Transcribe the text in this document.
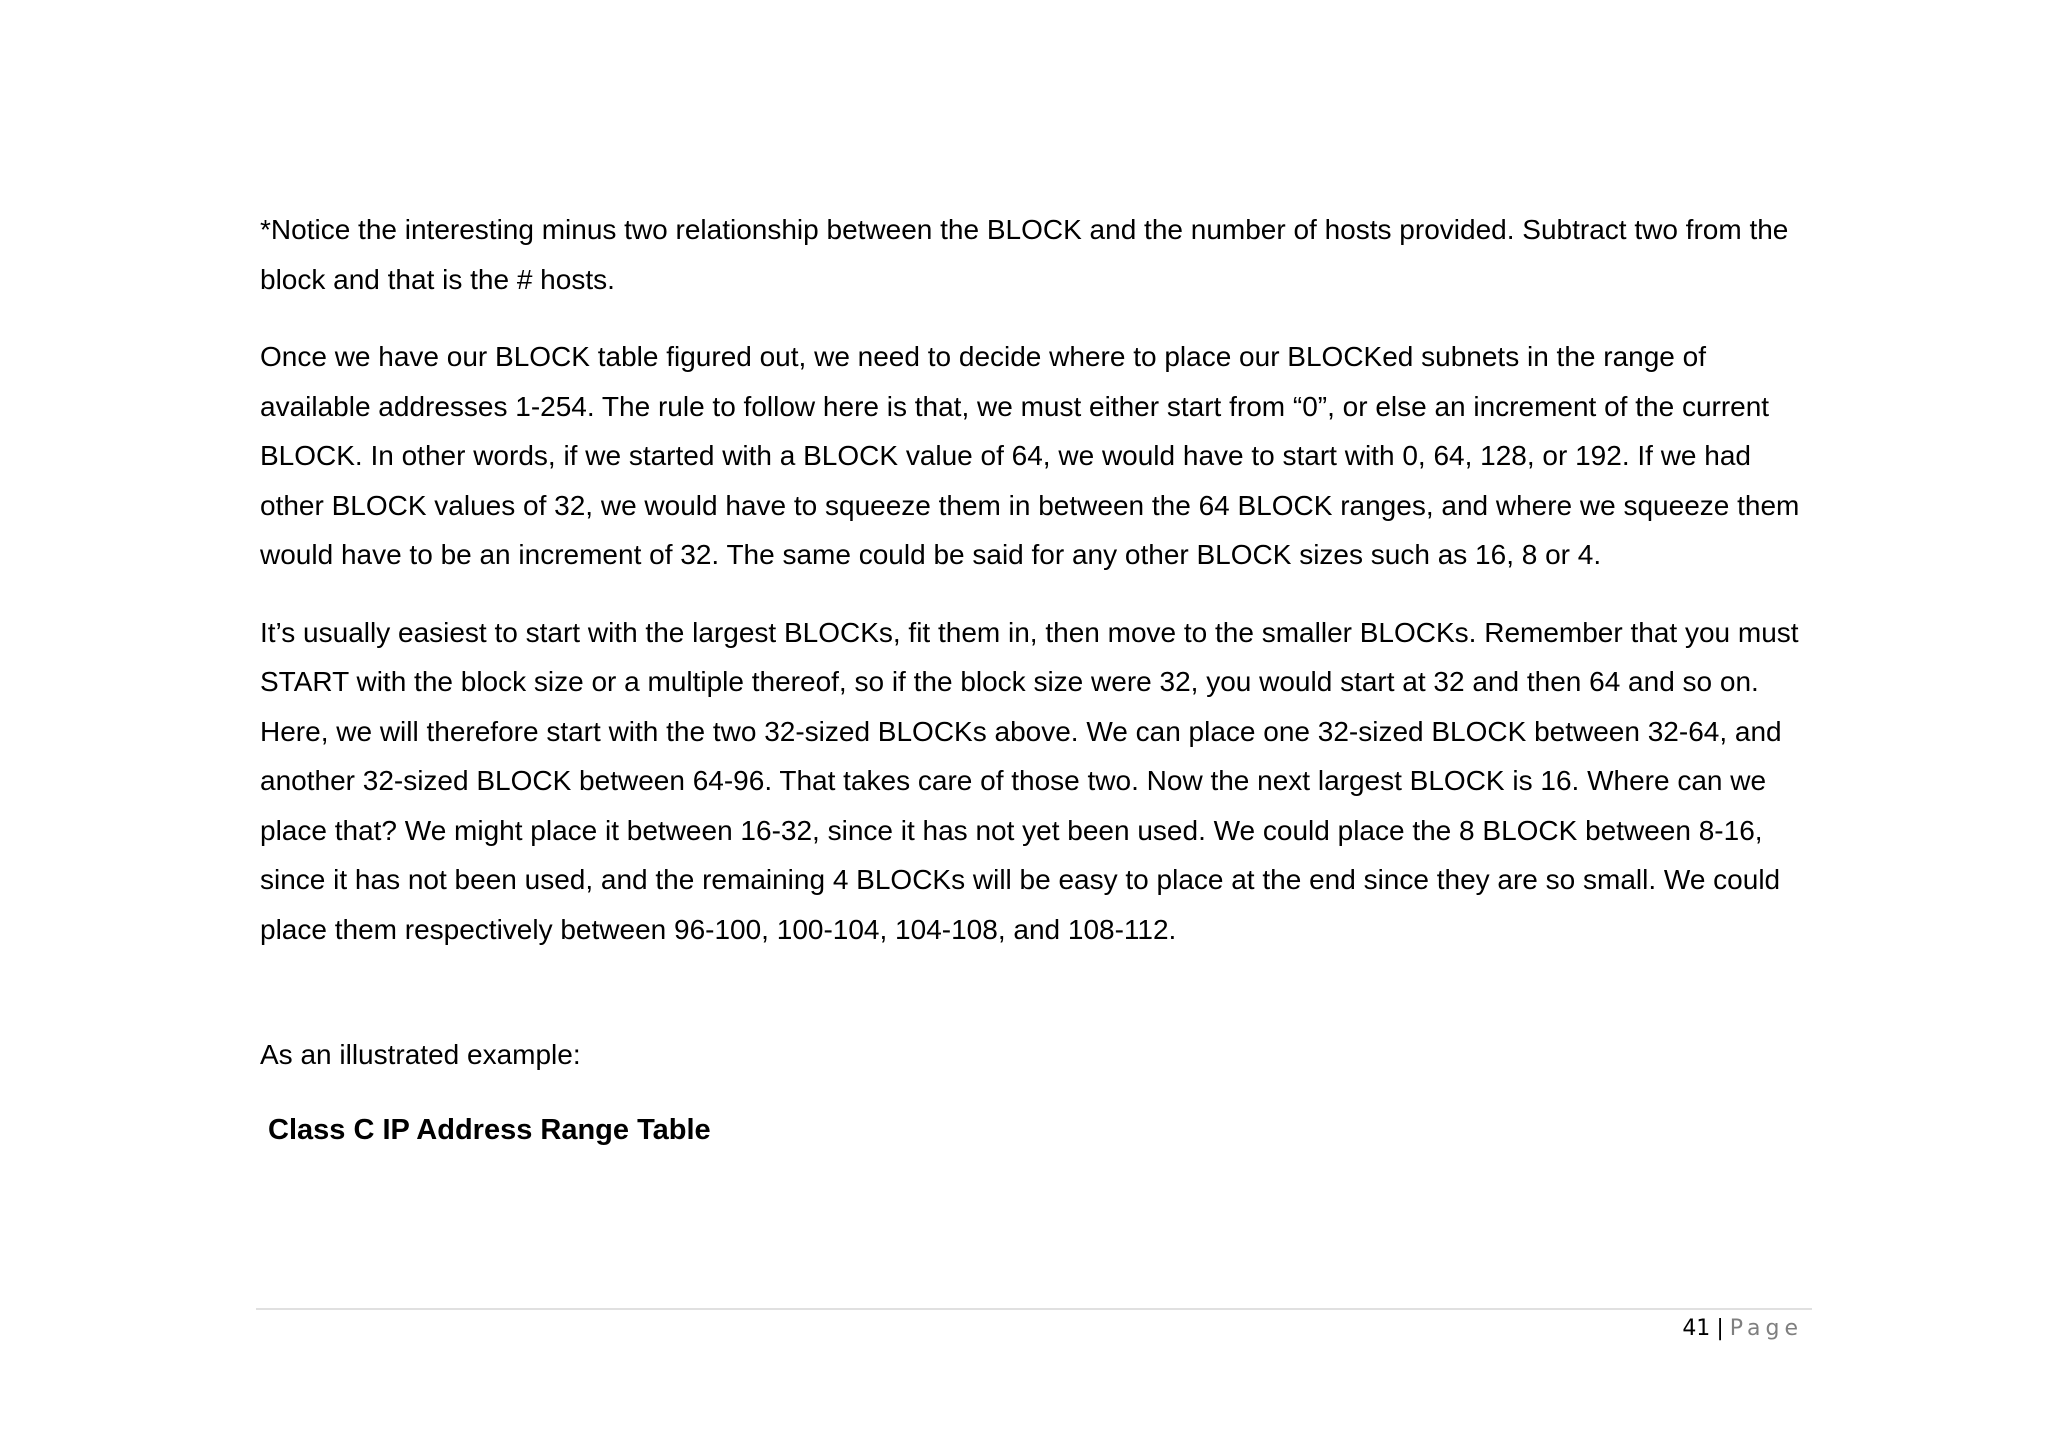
*Notice the interesting minus two relationship between the BLOCK and the number of hosts provided. Subtract two from the block and that is the # hosts.

Once we have our BLOCK table figured out, we need to decide where to place our BLOCKed subnets in the range of available addresses 1-254. The rule to follow here is that, we must either start from “0”, or else an increment of the current BLOCK. In other words, if we started with a BLOCK value of 64, we would have to start with 0, 64, 128, or 192. If we had other BLOCK values of 32, we would have to squeeze them in between the 64 BLOCK ranges, and where we squeeze them would have to be an increment of 32. The same could be said for any other BLOCK sizes such as 16, 8 or 4.

It’s usually easiest to start with the largest BLOCKs, fit them in, then move to the smaller BLOCKs. Remember that you must START with the block size or a multiple thereof, so if the block size were 32, you would start at 32 and then 64 and so on. Here, we will therefore start with the two 32-sized BLOCKs above. We can place one 32-sized BLOCK between 32-64, and another 32-sized BLOCK between 64-96. That takes care of those two. Now the next largest BLOCK is 16. Where can we place that? We might place it between 16-32, since it has not yet been used. We could place the 8 BLOCK between 8-16, since it has not been used, and the remaining 4 BLOCKs will be easy to place at the end since they are so small. We could place them respectively between 96-100, 100-104, 104-108, and 108-112.

As an illustrated example:

Class C IP Address Range Table
41 | Page
